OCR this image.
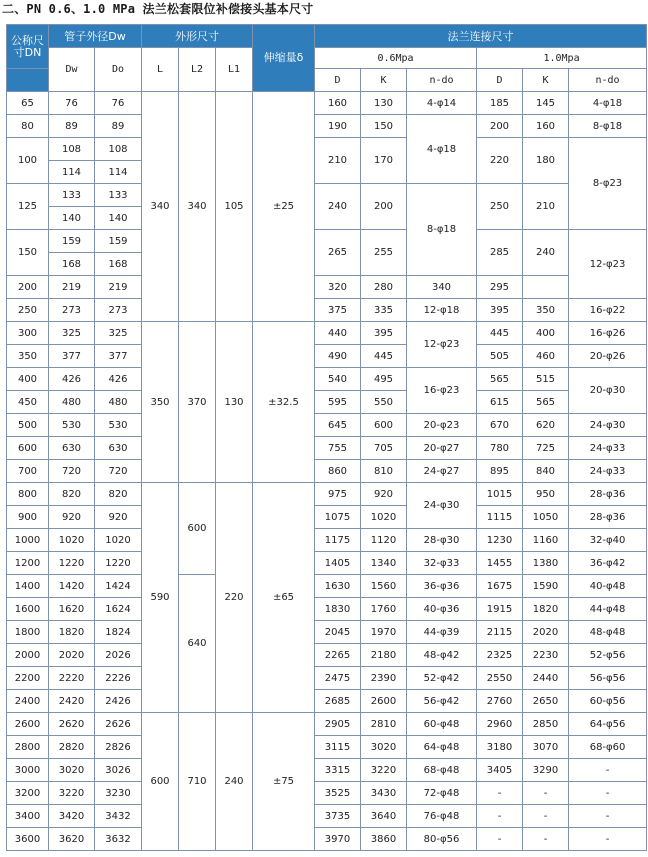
二、PN 0.6、1.0 MPa 法兰松套限位补偿接头基本尺寸
公称尺寸DN	管子外径Dw		外形尺寸			伸缩量δ	法兰连接尺寸					
	Dw	Do	L	L2	L1		0.6Mpa			1.0Mpa		
							D	K	n-do	D	K	n-do
65	76	76	340	340	105	±25	160	130	4-φ14	185	145	4-φ18
80	89	89					190	150	4-φ18	200	160	8-φ18
100	108	108					210	170		220	180	8-φ23
	114	114										
125	133	133					240	200	8-φ18	250	210	
	140	140										
150	159	159					265	255		285	240	12-φ23
	168	168										
200	219	219					320	280	340	295		
250	273	273					375	335	12-φ18	395	350	16-φ22
300	325	325	350	370	130	±32.5	440	395	12-φ23	445	400	16-φ26
350	377	377					490	445		505	460	20-φ26
400	426	426					540	495	16-φ23	565	515	20-φ30
450	480	480					595	550		615	565	
500	530	530					645	600	20-φ23	670	620	24-φ30
600	630	630					755	705	20-φ27	780	725	24-φ33
700	720	720					860	810	24-φ27	895	840	24-φ33
800	820	820	590	600	220	±65	975	920	24-φ30	1015	950	28-φ36
900	920	920					1075	1020		1115	1050	28-φ36
1000	1020	1020					1175	1120	28-φ30	1230	1160	32-φ40
1200	1220	1220					1405	1340	32-φ33	1455	1380	36-φ42
1400	1420	1424		640			1630	1560	36-φ36	1675	1590	40-φ48
1600	1620	1624					1830	1760	40-φ36	1915	1820	44-φ48
1800	1820	1824					2045	1970	44-φ39	2115	2020	48-φ48
2000	2020	2026					2265	2180	48-φ42	2325	2230	52-φ56
2200	2220	2226					2475	2390	52-φ42	2550	2440	56-φ56
2400	2420	2426					2685	2600	56-φ42	2760	2650	60-φ56
2600	2620	2626	600	710	240	±75	2905	2810	60-φ48	2960	2850	64-φ56
2800	2820	2826					3115	3020	64-φ48	3180	3070	68-φ60
3000	3020	3026					3315	3220	68-φ48	3405	3290	-
3200	3220	3230					3525	3430	72-φ48	-	-	-
3400	3420	3432					3735	3640	76-φ48	-	-	-
3600	3620	3632					3970	3860	80-φ56	-	-	-
